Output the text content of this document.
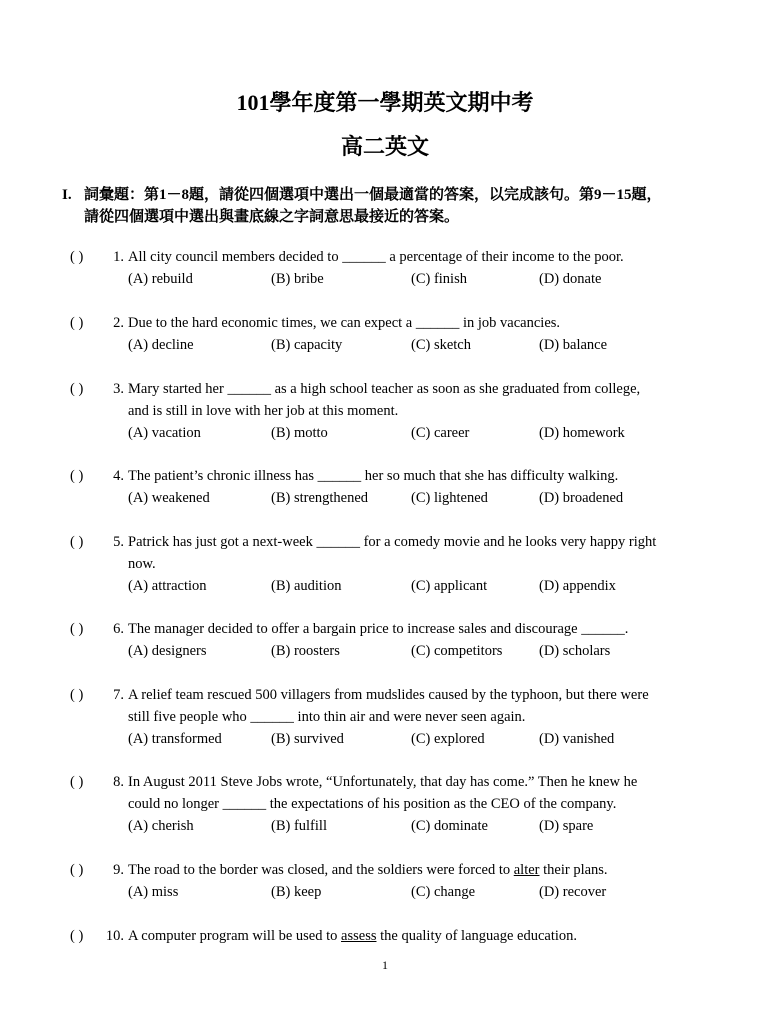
101學年度第一學期英文期中考
高二英文
I. 詞彙題：第1－8題，請從四個選項中選出一個最適當的答案，以完成該句。第9－15題，
請從四個選項中選出與畫底線之字詞意思最接近的答案。
( )	1. All city council members decided to ______ a percentage of their income to the poor.
(A) rebuild	(B) bribe	(C) finish	(D) donate
( )	2. Due to the hard economic times, we can expect a ______ in job vacancies.
(A) decline	(B) capacity	(C) sketch	(D) balance
( )	3. Mary started her ______ as a high school teacher as soon as she graduated from college,
and is still in love with her job at this moment.
(A) vacation	(B) motto	(C) career	(D) homework
( )	4. The patient’s chronic illness has ______ her so much that she has difficulty walking.
(A) weakened	(B) strengthened	(C) lightened	(D) broadened
( )	5. Patrick has just got a next-week ______ for a comedy movie and he looks very happy right
now.
(A) attraction	(B) audition	(C) applicant	(D) appendix
( )	6. The manager decided to offer a bargain price to increase sales and discourage ______.
(A) designers	(B) roosters	(C) competitors	(D) scholars
( )	7. A relief team rescued 500 villagers from mudslides caused by the typhoon, but there were
still five people who ______ into thin air and were never seen again.
(A) transformed	(B) survived	(C) explored	(D) vanished
( )	8. In August 2011 Steve Jobs wrote, “Unfortunately, that day has come.” Then he knew he
could no longer ______ the expectations of his position as the CEO of the company.
(A) cherish	(B) fulfill	(C) dominate	(D) spare
( )	9. The road to the border was closed, and the soldiers were forced to alter their plans.
(A) miss	(B) keep	(C) change	(D) recover
( )	10. A computer program will be used to assess the quality of language education.
1
